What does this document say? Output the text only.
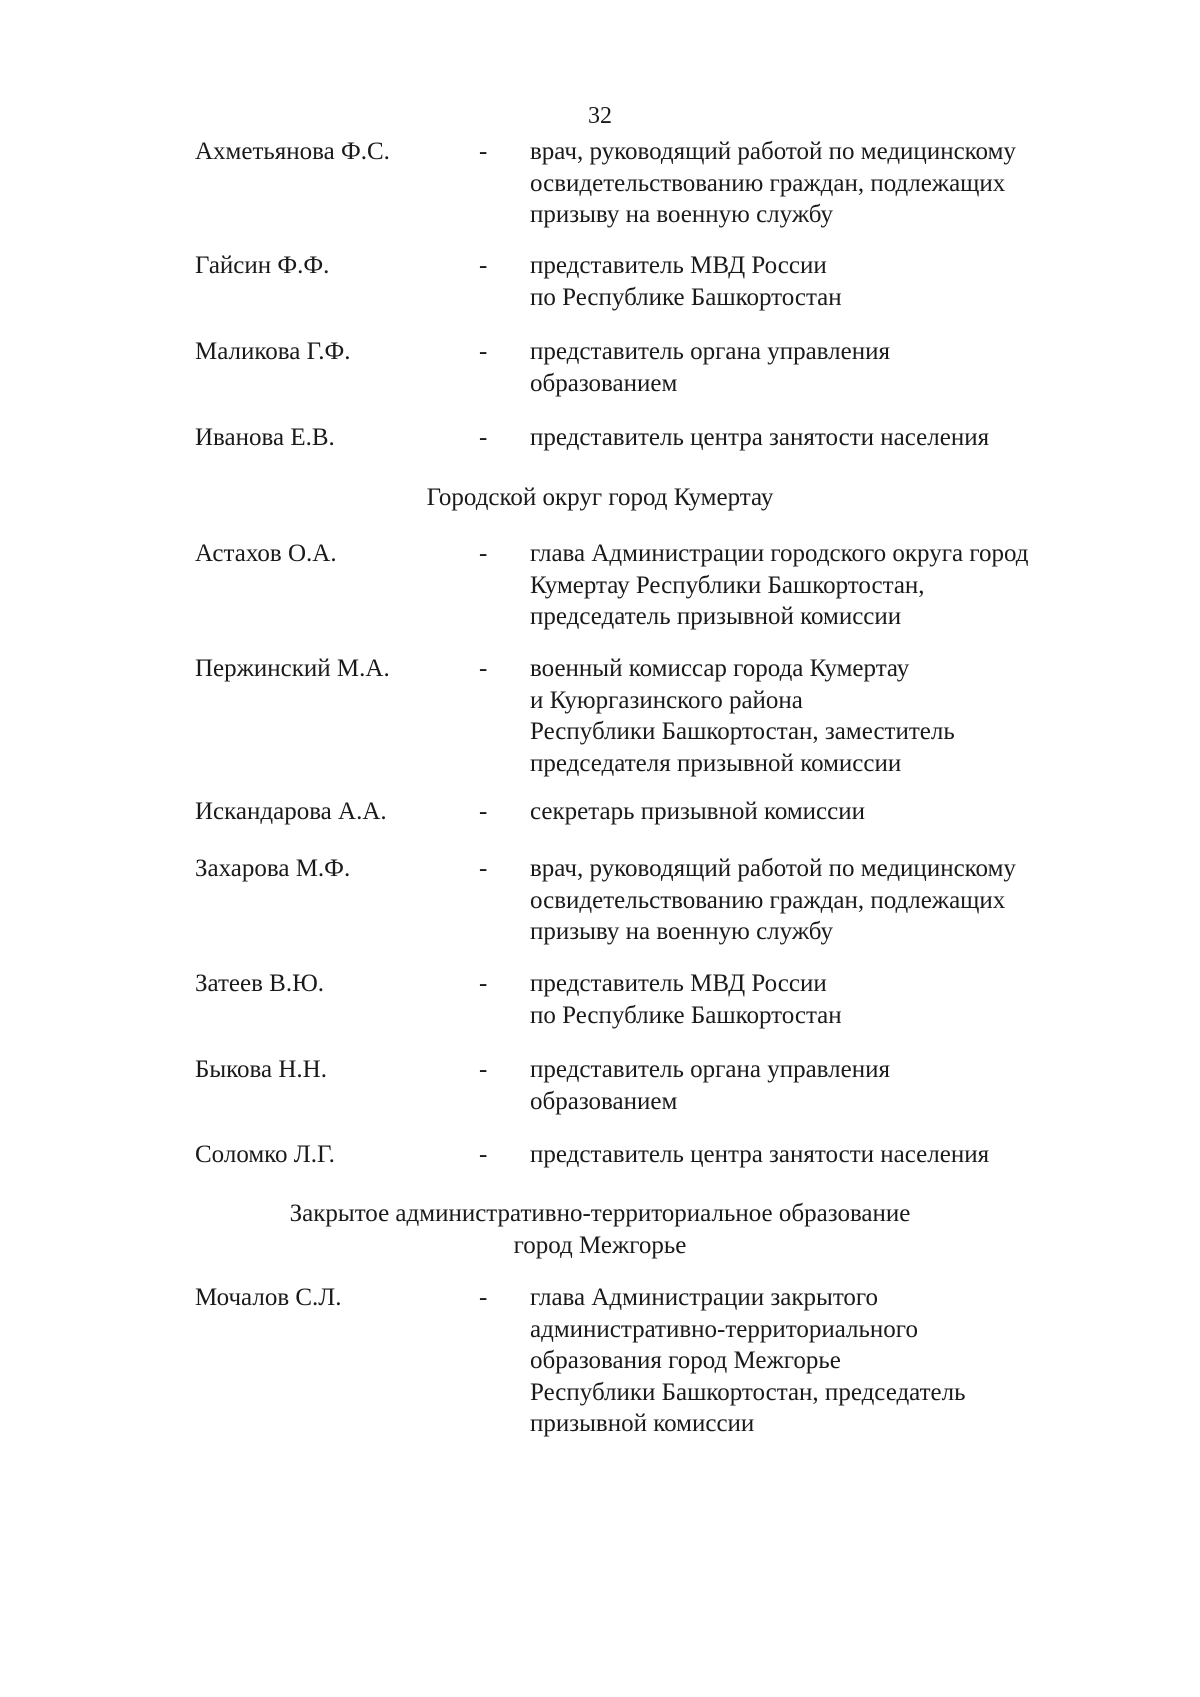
32
Ахметьянова Ф.С.	- врач, руководящий работой по медицинскому
освидетельствованию граждан, подлежащих
призыву на военную службу
Гайсин Ф.Ф.	- представитель МВД России
по Республике Башкортостан
Маликова Г.Ф.	- представитель органа управления
образованием
Иванова Е.В.	- представитель центра занятости населения
Городской округ город Кумертау
Астахов О.А.	- глава Администрации городского округа город
Кумертау Республики Башкортостан,
председатель призывной комиссии
Пержинский М.А.	- военный комиссар города Кумертау
и Куюргазинского района
Республики Башкортостан, заместитель
председателя призывной комиссии
Искандарова А.А.	- секретарь призывной комиссии
Захарова М.Ф.	- врач, руководящий работой по медицинскому
освидетельствованию граждан, подлежащих
призыву на военную службу
Затеев В.Ю.	- представитель МВД России
по Республике Башкортостан
Быкова Н.Н.	- представитель органа управления
образованием
Соломко Л.Г.	- представитель центра занятости населения
Закрытое административно-территориальное образование
город Межгорье
Мочалов С.Л.	- глава Администрации закрытого
административно-территориального
образования город Межгорье
Республики Башкортостан, председатель
призывной комиссии
